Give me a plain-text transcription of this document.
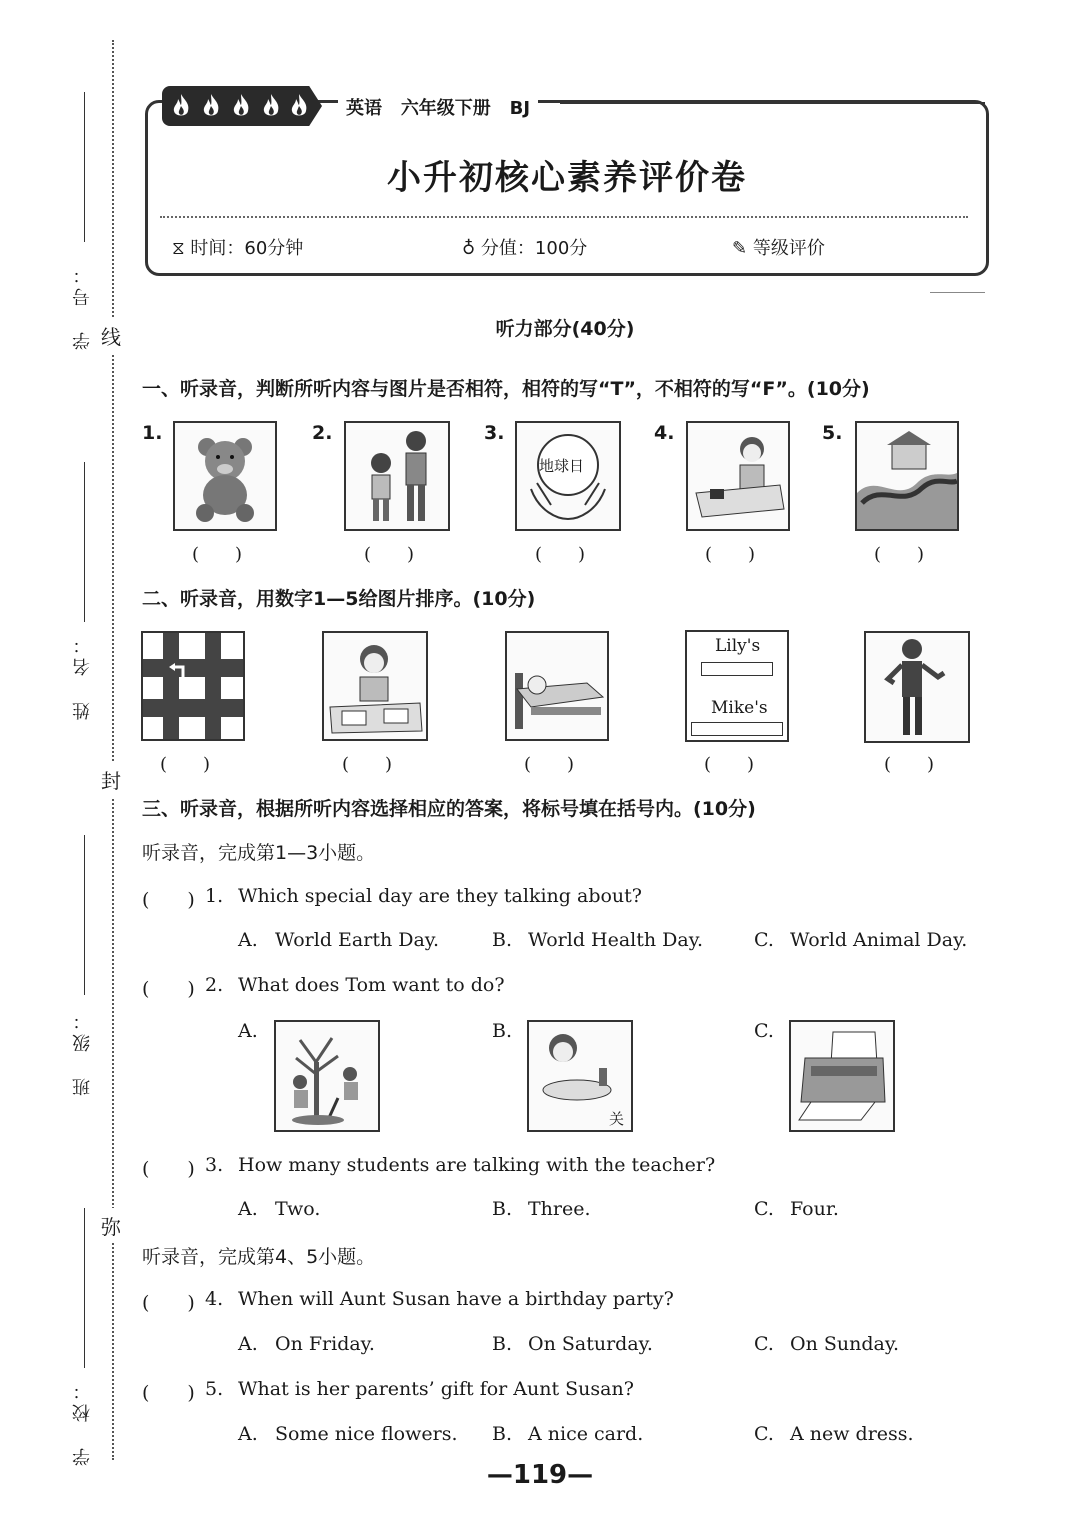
学　号： 线
姓　名：
封
班　级：
弥
学　校：
英语 六年级下册 BJ
小升初核心素养评价卷
⧖ 时间：60分钟	♁ 分值：100分	✎ 等级评价
听力部分(40分)
一、听录音，判断所听内容与图片是否相符，相符的写“T”，不相符的写“F”。(10分)
1.
(　　)
2.
(　　)
3.
地球日
(　　)
4.
(　　)
5.
(　　)
二、听录音，用数字1—5给图片排序。(10分)
(　　)	(　　)	(　　)
Lily's
Mike's
(　　)	(　　)
三、听录音，根据所听内容选择相应的答案，将标号填在括号内。(10分)
听录音，完成第1—3小题。
(　　) 1. Which special day are they talking about?
A. World Earth Day.	B. World Health Day.	C. World Animal Day.
(　　) 2. What does Tom want to do?
A.	B.
关
C.
(　　) 3. How many students are talking with the teacher?
A. Two.	B. Three.	C. Four.
听录音，完成第4、5小题。
(　　) 4. When will Aunt Susan have a birthday party?
A. On Friday.	B. On Saturday.	C. On Sunday.
(　　) 5. What is her parents’ gift for Aunt Susan?
A. Some nice flowers. B. A nice card.	C. A new dress.
—119—
